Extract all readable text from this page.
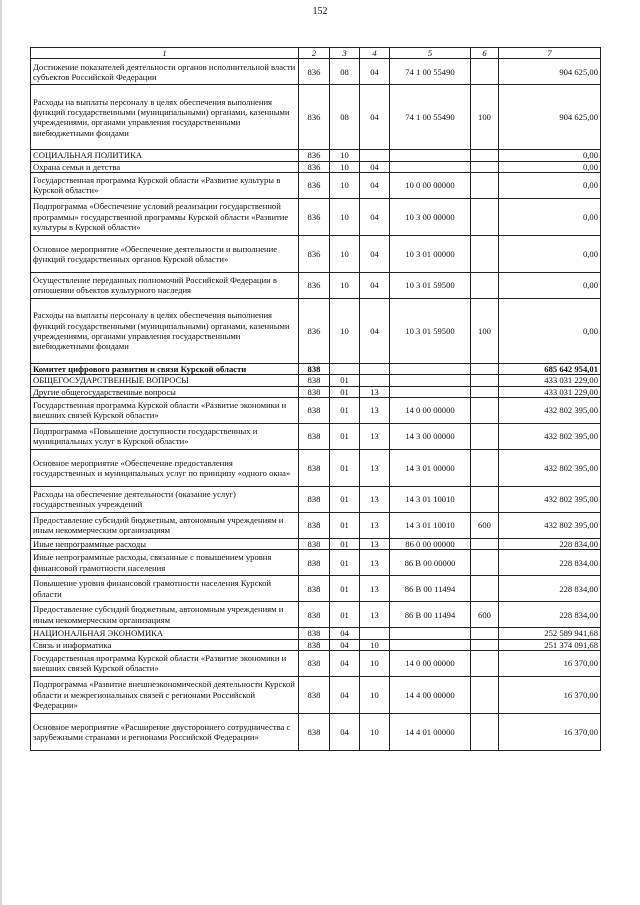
152
1	2	3	4	5	6	7
Достижение показателей деятельности органов исполнительной власти субъектов Российской Федерации	836	08	04	74 1 00 55490		904 625,00
Расходы на выплаты персоналу в целях обеспечения выполнения функций государственными (муниципальными) органами, казенными учреждениями, органами управления государственными внебюджетными фондами	836	08	04	74 1 00 55490	100	904 625,00
СОЦИАЛЬНАЯ ПОЛИТИКА	836	10				0,00
Охрана семьи и детства	836	10	04			0,00
Государственная программа Курской области «Развитие культуры в Курской области»	836	10	04	10 0 00 00000		0,00
Подпрограмма «Обеспечение условий реализации государственной программы» государственной программы Курской области «Развитие культуры в Курской области»	836	10	04	10 3 00 00000		0,00
Основное мероприятие «Обеспечение деятельности и выполнение функций государственных органов Курской области»	836	10	04	10 3 01 00000		0,00
Осуществление переданных полномочий Российской Федерации в отношении объектов культурного наследия	836	10	04	10 3 01 59500		0,00
Расходы на выплаты персоналу в целях обеспечения выполнения функций государственными (муниципальными) органами, казенными учреждениями, органами управления государственными внебюджетными фондами	836	10	04	10 3 01 59500	100	0,00
Комитет цифрового развития и связи Курской области	838					685 642 954,01
ОБЩЕГОСУДАРСТВЕННЫЕ ВОПРОСЫ	838	01				433 031 229,00
Другие общегосударственные вопросы	838	01	13			433 031 229,00
Государственная программа Курской области «Развитие экономики и внешних связей Курской области»	838	01	13	14 0 00 00000		432 802 395,00
Подпрограмма «Повышение доступности государственных и муниципальных услуг в Курской области»	838	01	13	14 3 00 00000		432 802 395,00
Основное мероприятие «Обеспечение предоставления государственных и муниципальных услуг по принципу «одного окна»	838	01	13	14 3 01 00000		432 802 395,00
Расходы на обеспечение деятельности (оказание услуг) государственных учреждений	838	01	13	14 3 01 10010		432 802 395,00
Предоставление субсидий бюджетным, автономным учреждениям и иным некоммерческим организациям	838	01	13	14 3 01 10010	600	432 802 395,00
Иные непрограммные расходы	838	01	13	86 0 00 00000		228 834,00
Иные непрограммные расходы, связанные с повышением уровня финансовой грамотности населения	838	01	13	86 В 00 00000		228 834,00
Повышение уровня финансовой грамотности населения Курской области	838	01	13	86 В 00 11494		228 834,00
Предоставление субсидий бюджетным, автономным учреждениям и иным некоммерческим организациям	838	01	13	86 В 00 11494	600	228 834,00
НАЦИОНАЛЬНАЯ ЭКОНОМИКА	838	04				252 589 941,68
Связь и информатика	838	04	10			251 374 091,68
Государственная программа Курской области «Развитие экономики и внешних связей Курской области»	838	04	10	14 0 00 00000		16 370,00
Подпрограмма «Развитие внешнеэкономической деятельности Курской области и межрегиональных связей с регионами Российской Федерации»	838	04	10	14 4 00 00000		16 370,00
Основное мероприятие «Расширение двустороннего сотрудничества с зарубежными странами и регионами Российской Федерации»	838	04	10	14 4 01 00000		16 370,00
